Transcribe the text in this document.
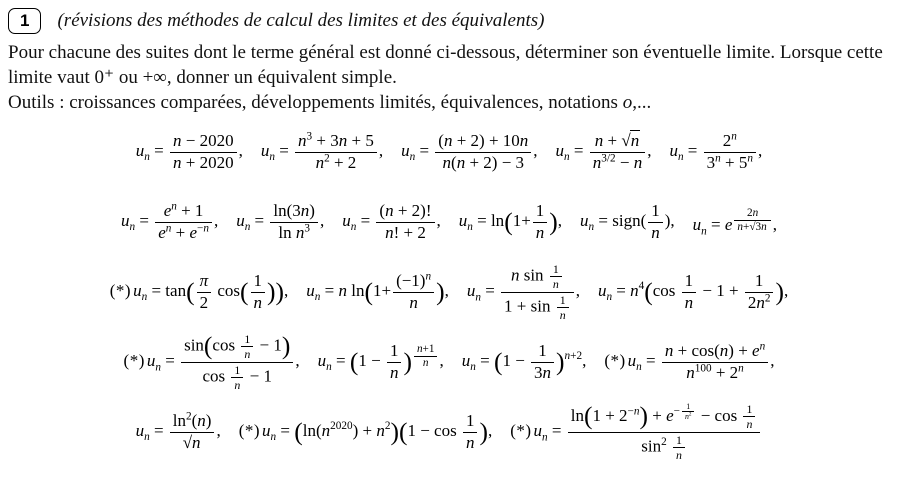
1	(révisions des méthodes de calcul des limites et des équivalents)

Pour chacune des suites dont le terme général est donné ci-dessous, déterminer son éventuelle limite. Lorsque cette limite vaut 0⁺ ou +∞, donner un équivalent simple.

Outils : croissances comparées, développements limités, équivalences, notations o,...

$u_n = \frac{n - 2020}{n + 2020}$ , $u_n = \frac{n^3 + 3n + 5}{n^2 + 2}$ , $u_n = \frac{(n + 2) + 10n}{n(n + 2) - 3}$ , $u_n = \frac{n + √n}{n^{3/2} - n}$ , $u_n = \frac{2^n}{3^n + 5^n}$ ,
$u_n = \frac{e^n + 1}{e^n + e^{-n}}$ , $u_n = \frac{\ln(3n)}{\ln n^3}$ , $u_n = \frac{(n + 2)!}{n! + 2}$ , $u_n = \ln(1+ \frac{1}{n}$ ), $u_n$ = sign( $\frac{1}{n}$ ), $u_n = e$ $^{\frac{2n}{n+√3n}}$ ,
(*) $u_n = \tan( \frac{\pi}{2} \cos( \frac{1}{n}$ )), $u_n = n$ $\ln(1+ \frac{(-1)^n}{n}$ ), $u_n = \frac{n \sin \frac{1}{n}}{1 + \sin \frac{1}{n}}$ , $u_n = n^4(\cos \frac{1}{n} - 1 + \frac{1}{2n^2}$ ),
(*) $u_n = \frac{\sin(\cos \frac{1}{n} - 1)}{\cos \frac{1}{n} - 1}$ , $u_n = (1 - \frac{1}{n}$ ) $^{\frac{n+1}{n}}$ , $u_n = (1 - \frac{1}{3n} )^{n+2}$, (*) $u_n = \frac{n + \cos(n) + e^n}{n^{100} + 2^n}$ ,
$u_n = \frac{\ln^2(n)}{√n}$ , (*) $u_n = (\ln(n^{2020}) + n^2)(1 - \cos \frac{1}{n}$ ), (*) $u_n = \ln(1 + 2^{-n}) + e^{- \frac{1}{n^2}} - \cos \frac{1}{n}$
$\sin^2 \frac{1}{n}$
